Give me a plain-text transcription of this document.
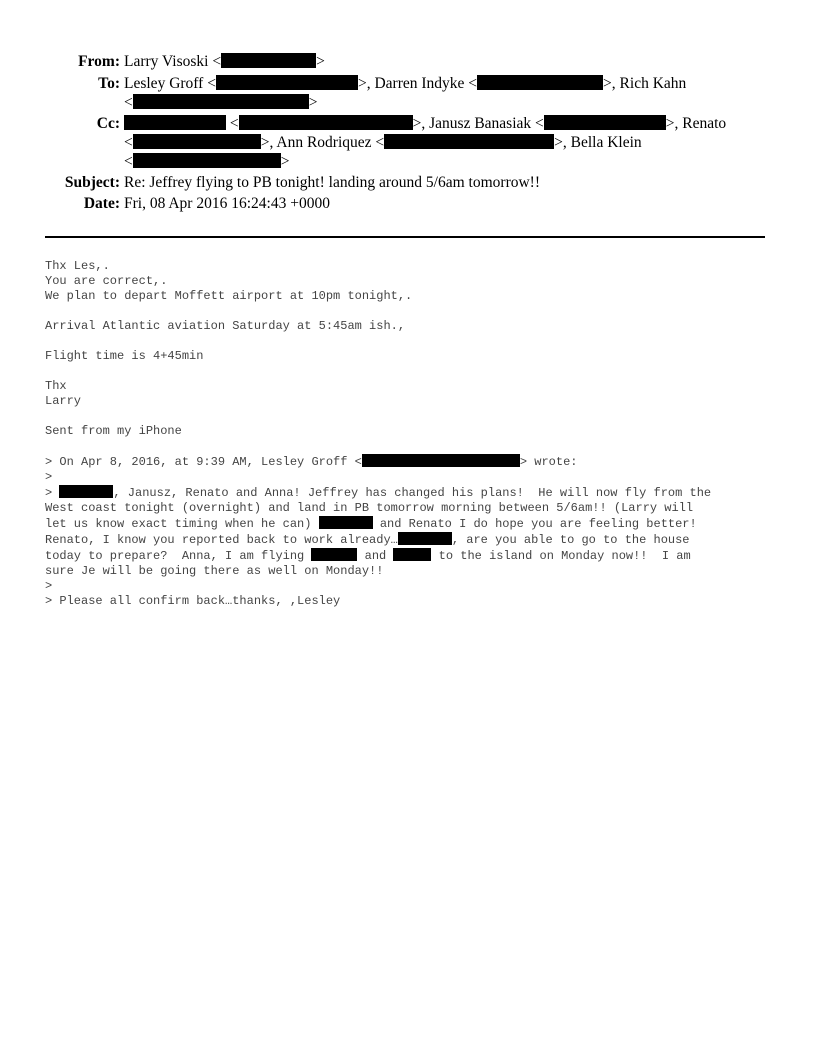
From: Larry Visoski <	>
To: Lesley Groff <	>, Darren Indyke <	>, Rich Kahn
<	>
Cc:	<	>, Janusz Banasiak <	>, Renato
<	>, Ann Rodriquez <	>, Bella Klein
<	>
Subject: Re: Jeffrey flying to PB tonight! landing around 5/6am tomorrow!!
Date: Fri, 08 Apr 2016 16:24:43 +0000
Thx Les,.
You are correct,.
We plan to depart Moffett airport at 10pm tonight,.
Arrival Atlantic aviation Saturday at 5:45am ish.,
Flight time is 4+45min
Thx
Larry
Sent from my iPhone
> On Apr 8, 2016, at 9:39 AM, Lesley Groff <	> wrote:
>
>	, Janusz, Renato and Anna! Jeffrey has changed his plans!  He will now fly from the
West coast tonight (overnight) and land in PB tomorrow morning between 5/6am!! (Larry will
let us know exact timing when he can)	and Renato I do hope you are feeling better!
Renato, I know you reported back to work already…	, are you able to go to the house
today to prepare?  Anna, I am flying	and	to the island on Monday now!!  I am
sure Je will be going there as well on Monday!!
>
> Please all confirm back…thanks, ,Lesley
